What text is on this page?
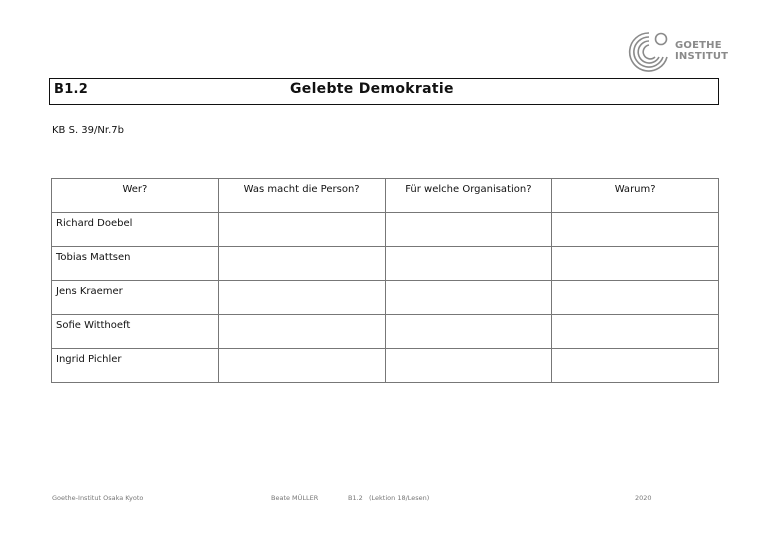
GOETHE
INSTITUT
B1.2	Gelebte Demokratie
KB S. 39/Nr.7b
Wer?	Was macht die Person?	Für welche Organisation?	Warum?
Richard Doebel			
Tobias Mattsen			
Jens Kraemer			
Sofie Witthoeft			
Ingrid Pichler			
Goethe-Institut Osaka Kyoto	Beate MÜLLER	B1.2   (Lektion 18/Lesen)	2020
